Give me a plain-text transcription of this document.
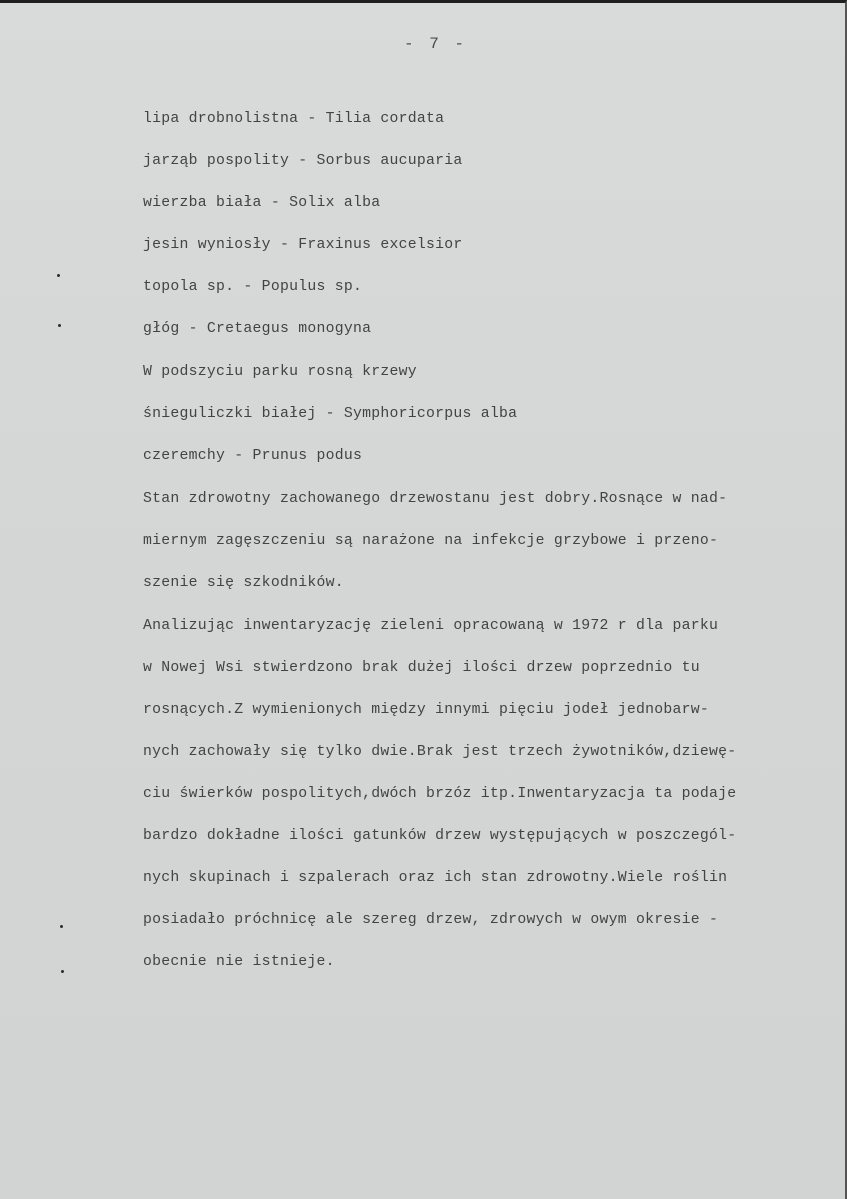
- 7 -
lipa drobnolistna - Tilia cordata
jarząb pospolity - Sorbus aucuparia
wierzba biała - Solix alba
jesin wyniosły - Fraxinus excelsior
topola sp. - Populus sp.
głóg - Cretaegus monogyna
W podszyciu parku rosną krzewy
śnieguliczki białej - Symphoricorpus alba
czeremchy - Prunus podus
Stan zdrowotny zachowanego drzewostanu jest dobry.Rosnące w nad-
miernym zagęszczeniu są narażone na infekcje grzybowe i przeno-
szenie się szkodników.
Analizując inwentaryzację zieleni opracowaną w 1972 r dla parku
w Nowej Wsi stwierdzono brak dużej ilości drzew poprzednio tu
rosnących.Z wymienionych między innymi pięciu jodeł jednobarw-
nych zachowały się tylko dwie.Brak jest trzech żywotników,dziewę-
ciu świerków pospolitych,dwóch brzóz itp.Inwentaryzacja ta podaje
bardzo dokładne ilości gatunków drzew występujących w poszczegól-
nych skupinach i szpalerach oraz ich stan zdrowotny.Wiele roślin
posiadało próchnicę ale szereg drzew, zdrowych w owym okresie -
obecnie nie istnieje.
